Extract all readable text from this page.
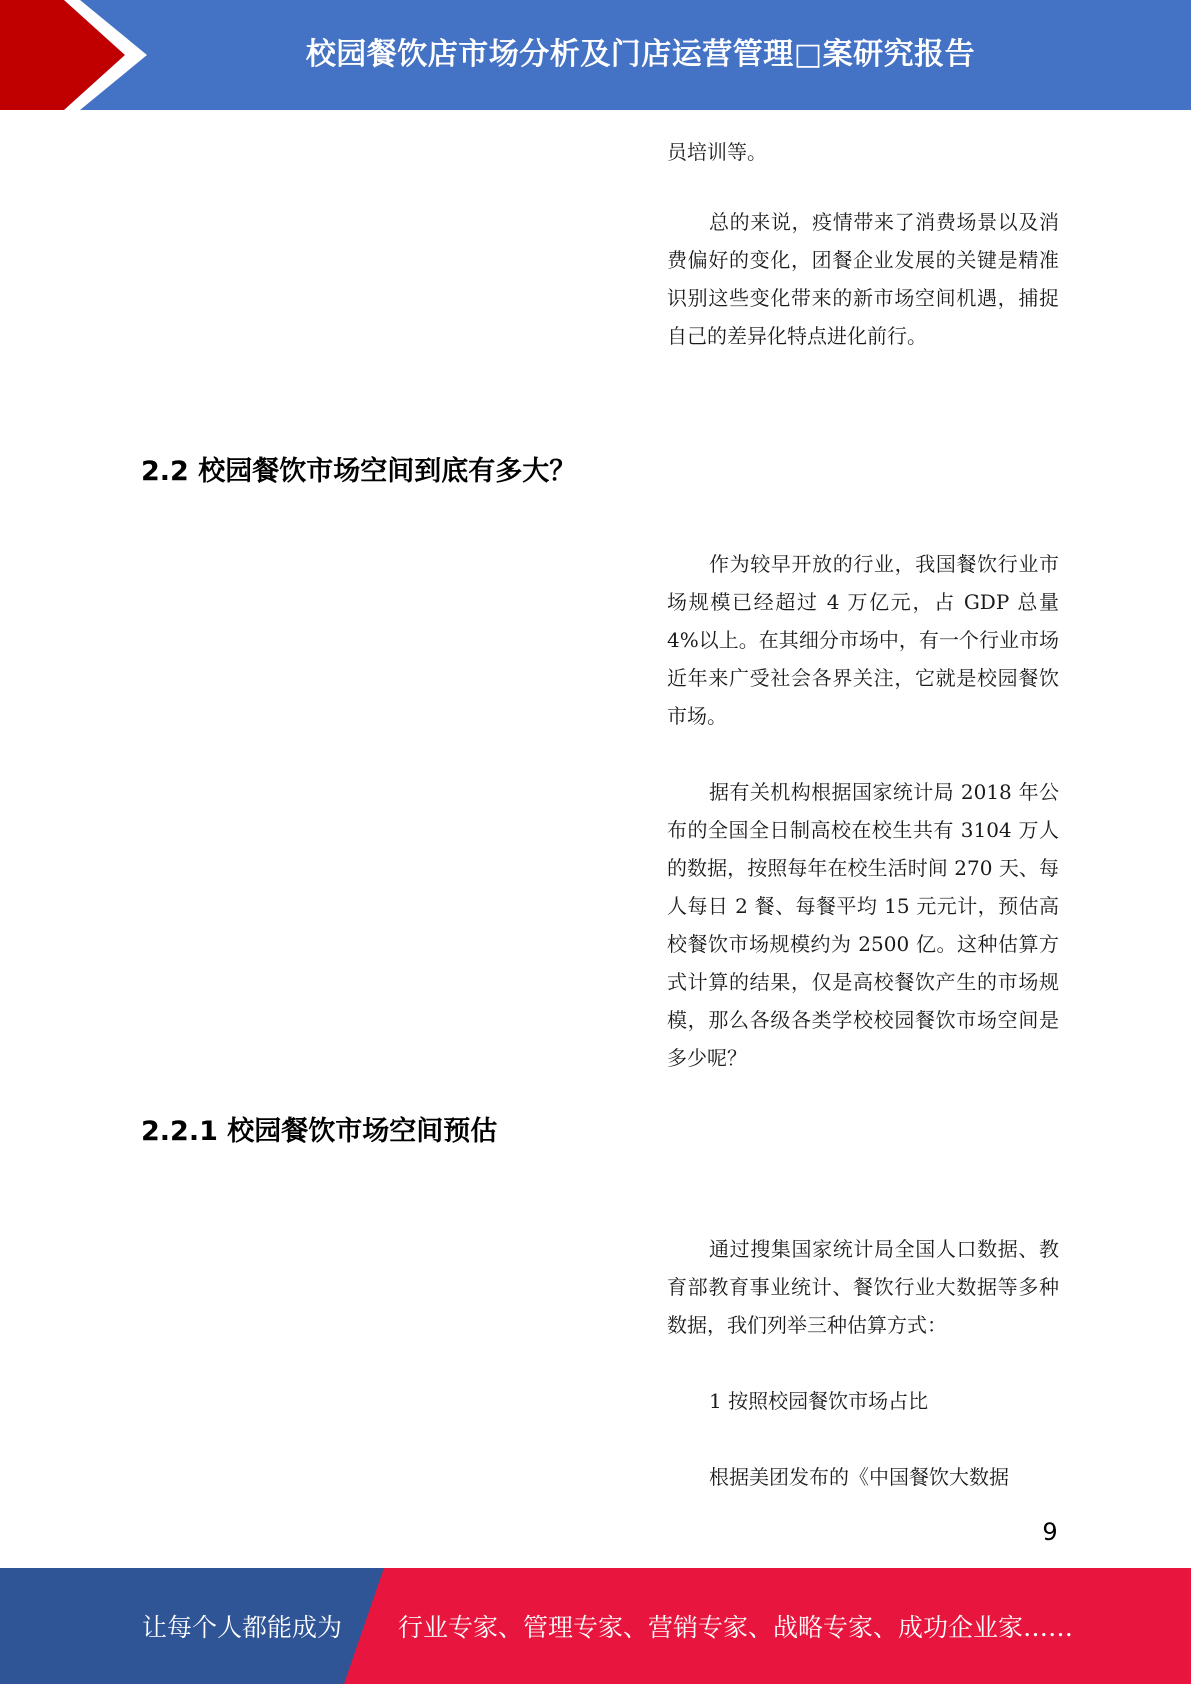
校园餐饮店市场分析及门店运营管理□案研究报告

员培训等。

总的来说，疫情带来了消费场景以及消费偏好的变化，团餐企业发展的关键是精准识别这些变化带来的新市场空间机遇，捕捉自己的差异化特点进化前行。

2.2 校园餐饮市场空间到底有多大？

作为较早开放的行业，我国餐饮行业市场规模已经超过 4 万亿元，占 GDP 总量4%以上。在其细分市场中，有一个行业市场近年来广受社会各界关注，它就是校园餐饮市场。

据有关机构根据国家统计局 2018 年公布的全国全日制高校在校生共有 3104 万人的数据，按照每年在校生活时间 270 天、每人每日 2 餐、每餐平均 15 元元计，预估高校餐饮市场规模约为 2500 亿。这种估算方式计算的结果，仅是高校餐饮产生的市场规模，那么各级各类学校校园餐饮市场空间是多少呢？

2.2.1 校园餐饮市场空间预估

通过搜集国家统计局全国人口数据、教育部教育事业统计、餐饮行业大数据等多种数据，我们列举三种估算方式：

1 按照校园餐饮市场占比

根据美团发布的《中国餐饮大数据

9
让每个人都能成为 行业专家、管理专家、营销专家、战略专家、成功企业家……
